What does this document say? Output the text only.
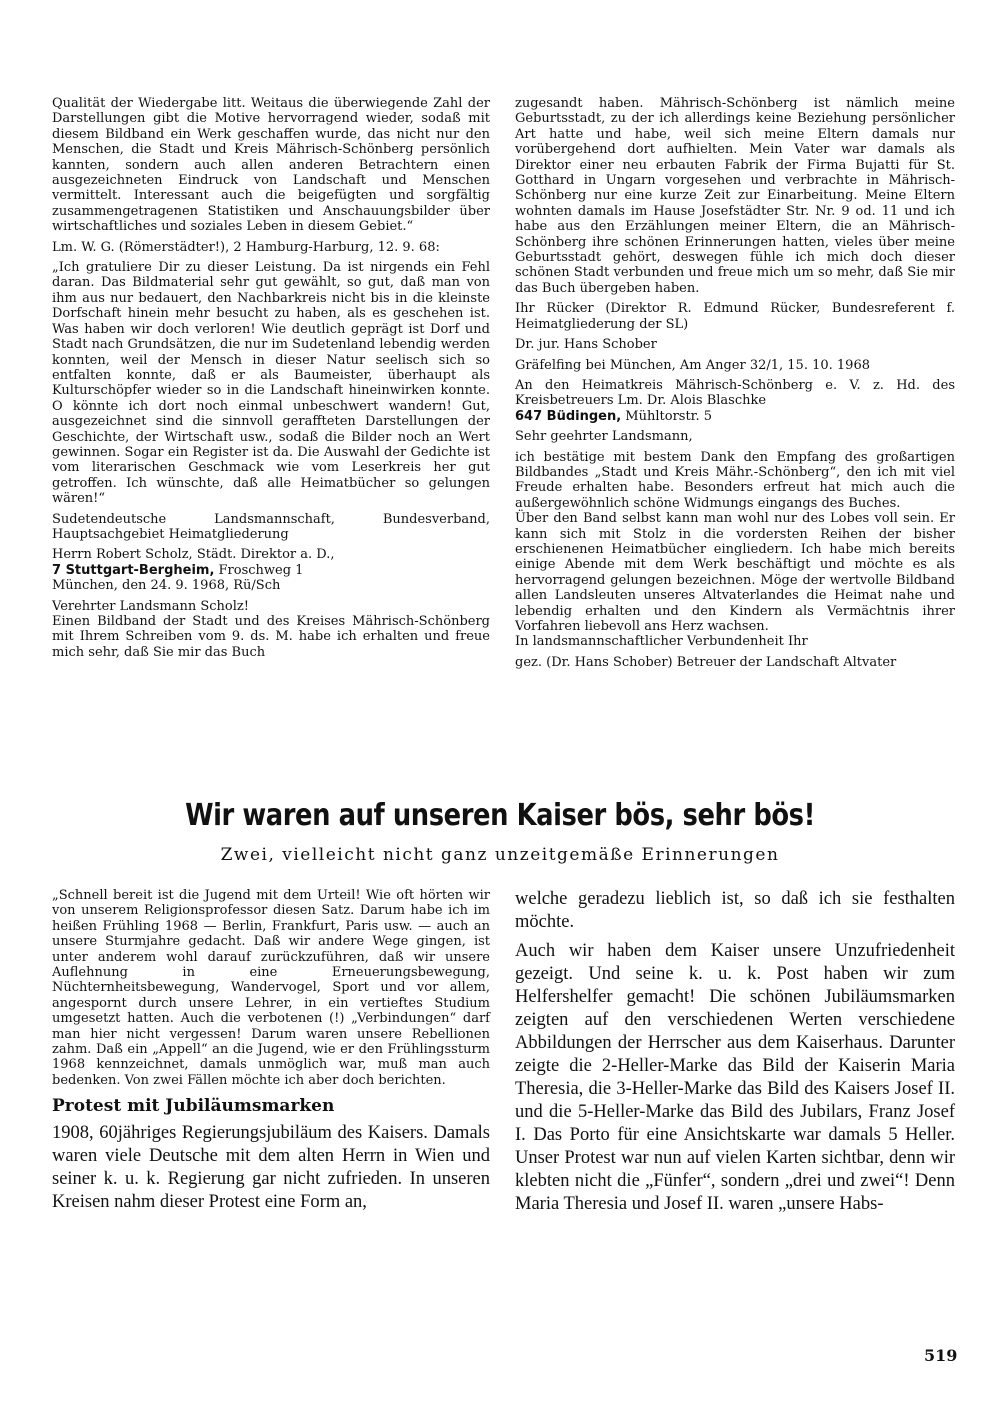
Qualität der Wiedergabe litt. Weitaus die überwiegende Zahl der Darstellungen gibt die Motive hervorragend wieder, sodaß mit diesem Bildband ein Werk geschaffen wurde, das nicht nur den Menschen, die Stadt und Kreis Mährisch-Schönberg persönlich kannten, sondern auch allen anderen Betrachtern einen ausgezeichneten Eindruck von Landschaft und Menschen vermittelt. Interessant auch die beigefügten und sorgfältig zusammengetragenen Statistiken und Anschauungsbilder über wirtschaftliches und soziales Leben in diesem Gebiet.“

Lm. W. G. (Römerstädter!), 2 Hamburg-Harburg, 12. 9. 68:

„Ich gratuliere Dir zu dieser Leistung. Da ist nirgends ein Fehl daran. Das Bildmaterial sehr gut gewählt, so gut, daß man von ihm aus nur bedauert, den Nachbarkreis nicht bis in die kleinste Dorfschaft hinein mehr besucht zu haben, als es geschehen ist. Was haben wir doch verloren! Wie deutlich geprägt ist Dorf und Stadt nach Grundsätzen, die nur im Sudetenland lebendig werden konnten, weil der Mensch in dieser Natur seelisch sich so entfalten konnte, daß er als Baumeister, überhaupt als Kulturschöpfer wieder so in die Landschaft hineinwirken konnte. O könnte ich dort noch einmal unbeschwert wandern! Gut, ausgezeichnet sind die sinnvoll geraffteten Darstellungen der Geschichte, der Wirtschaft usw., sodaß die Bilder noch an Wert gewinnen. Sogar ein Register ist da. Die Auswahl der Gedichte ist vom literarischen Geschmack wie vom Leserkreis her gut getroffen. Ich wünschte, daß alle Heimatbücher so gelungen wären!“

Sudetendeutsche Landsmannschaft, Bundesverband, Hauptsachgebiet Heimatgliederung

Herrn Robert Scholz, Städt. Direktor a. D.,

7 Stuttgart-Bergheim, Froschweg 1

München, den 24. 9. 1968, Rü/Sch

Verehrter Landsmann Scholz!

Einen Bildband der Stadt und des Kreises Mährisch-Schönberg mit Ihrem Schreiben vom 9. ds. M. habe ich erhalten und freue mich sehr, daß Sie mir das Buch

zugesandt haben. Mährisch-Schönberg ist nämlich meine Geburtsstadt, zu der ich allerdings keine Beziehung persönlicher Art hatte und habe, weil sich meine Eltern damals nur vorübergehend dort aufhielten. Mein Vater war damals als Direktor einer neu erbauten Fabrik der Firma Bujatti für St. Gotthard in Ungarn vorgesehen und verbrachte in Mährisch-Schönberg nur eine kurze Zeit zur Einarbeitung. Meine Eltern wohnten damals im Hause Josefstädter Str. Nr. 9 od. 11 und ich habe aus den Erzählungen meiner Eltern, die an Mährisch-Schönberg ihre schönen Erinnerungen hatten, vieles über meine Geburtsstadt gehört, deswegen fühle ich mich doch dieser schönen Stadt verbunden und freue mich um so mehr, daß Sie mir das Buch übergeben haben.

Ihr Rücker (Direktor R. Edmund Rücker, Bundesreferent f. Heimatgliederung der SL)

Dr. jur. Hans Schober

Gräfelfing bei München, Am Anger 32/1, 15. 10. 1968

An den Heimatkreis Mährisch-Schönberg e. V. z. Hd. des Kreisbetreuers Lm. Dr. Alois Blaschke

647 Büdingen, Mühltorstr. 5

Sehr geehrter Landsmann,

ich bestätige mit bestem Dank den Empfang des großartigen Bildbandes „Stadt und Kreis Mähr.-Schönberg“, den ich mit viel Freude erhalten habe. Besonders erfreut hat mich auch die außergewöhnlich schöne Widmungs eingangs des Buches.

Über den Band selbst kann man wohl nur des Lobes voll sein. Er kann sich mit Stolz in die vordersten Reihen der bisher erschienenen Heimatbücher eingliedern. Ich habe mich bereits einige Abende mit dem Werk beschäftigt und möchte es als hervorragend gelungen bezeichnen. Möge der wertvolle Bildband allen Landsleuten unseres Altvaterlandes die Heimat nahe und lebendig erhalten und den Kindern als Vermächtnis ihrer Vorfahren liebevoll ans Herz wachsen.

In landsmannschaftlicher Verbundenheit Ihr

gez. (Dr. Hans Schober) Betreuer der Landschaft Altvater

Wir waren auf unseren Kaiser bös, sehr bös!
Zwei, vielleicht nicht ganz unzeitgemäße Erinnerungen

„Schnell bereit ist die Jugend mit dem Urteil! Wie oft hörten wir von unserem Religionsprofessor diesen Satz. Darum habe ich im heißen Frühling 1968 — Berlin, Frankfurt, Paris usw. — auch an unsere Sturmjahre gedacht. Daß wir andere Wege gingen, ist unter anderem wohl darauf zurückzuführen, daß wir unsere Auflehnung in eine Erneuerungsbewegung, Nüchternheitsbewegung, Wandervogel, Sport und vor allem, angespornt durch unsere Lehrer, in ein vertieftes Studium umgesetzt hatten. Auch die verbotenen (!) „Verbindungen“ darf man hier nicht vergessen! Darum waren unsere Rebellionen zahm. Daß ein „Appell“ an die Jugend, wie er den Frühlingssturm 1968 kennzeichnet, damals unmöglich war, muß man auch bedenken. Von zwei Fällen möchte ich aber doch berichten.

Protest mit Jubiläumsmarken

1908, 60jähriges Regierungsjubiläum des Kaisers. Damals waren viele Deutsche mit dem alten Herrn in Wien und seiner k. u. k. Regierung gar nicht zufrieden. In unseren Kreisen nahm dieser Protest eine Form an,

welche geradezu lieblich ist, so daß ich sie festhalten möchte.

Auch wir haben dem Kaiser unsere Unzufriedenheit gezeigt. Und seine k. u. k. Post haben wir zum Helfershelfer gemacht! Die schönen Jubiläumsmarken zeigten auf den verschiedenen Werten verschiedene Abbildungen der Herrscher aus dem Kaiserhaus. Darunter zeigte die 2-Heller-Marke das Bild der Kaiserin Maria Theresia, die 3-Heller-Marke das Bild des Kaisers Josef II. und die 5-Heller-Marke das Bild des Jubilars, Franz Josef I. Das Porto für eine Ansichtskarte war damals 5 Heller. Unser Protest war nun auf vielen Karten sichtbar, denn wir klebten nicht die „Fünfer“, sondern „drei und zwei“! Denn Maria Theresia und Josef II. waren „unsere Habs-

519
